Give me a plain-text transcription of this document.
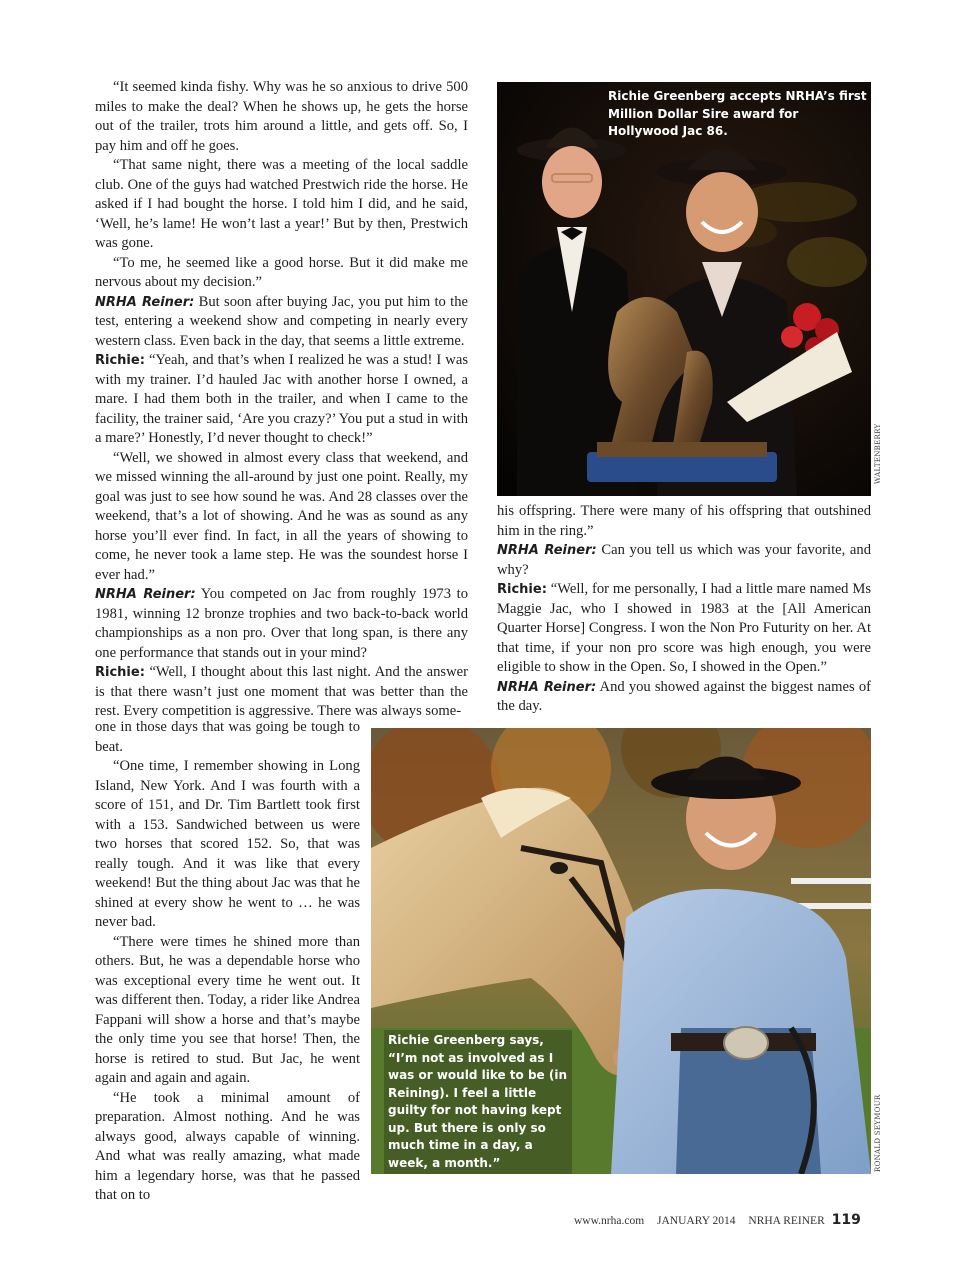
“It seemed kinda fishy. Why was he so anxious to drive 500 miles to make the deal? When he shows up, he gets the horse out of the trailer, trots him around a little, and gets off. So, I pay him and off he goes.

“That same night, there was a meeting of the local saddle club. One of the guys had watched Prestwich ride the horse. He asked if I had bought the horse. I told him I did, and he said, ‘Well, he’s lame! He won’t last a year!’ But by then, Prestwich was gone.

“To me, he seemed like a good horse. But it did make me nervous about my decision.”

NRHA Reiner: But soon after buying Jac, you put him to the test, entering a weekend show and competing in nearly every western class. Even back in the day, that seems a little extreme.

Richie: “Yeah, and that’s when I realized he was a stud! I was with my trainer. I’d hauled Jac with another horse I owned, a mare. I had them both in the trailer, and when I came to the facility, the trainer said, ‘Are you crazy?’ You put a stud in with a mare?’ Honestly, I’d never thought to check!”

“Well, we showed in almost every class that weekend, and we missed winning the all-around by just one point. Really, my goal was just to see how sound he was. And 28 classes over the weekend, that’s a lot of showing. And he was as sound as any horse you’ll ever find. In fact, in all the years of showing to come, he never took a lame step. He was the soundest horse I ever had.”

NRHA Reiner: You competed on Jac from roughly 1973 to 1981, winning 12 bronze trophies and two back-to-back world championships as a non pro. Over that long span, is there any one performance that stands out in your mind?

Richie: “Well, I thought about this last night. And the answer is that there wasn’t just one moment that was better than the rest. Every competition is aggressive. There was always some-

one in those days that was going be tough to beat.

“One time, I remember showing in Long Island, New York. And I was fourth with a score of 151, and Dr. Tim Bartlett took first with a 153. Sandwiched between us were two horses that scored 152. So, that was really tough. And it was like that every weekend! But the thing about Jac was that he shined at every show he went to … he was never bad.

“There were times he shined more than others. But, he was a dependable horse who was exceptional every time he went out. It was different then. Today, a rider like Andrea Fappani will show a horse and that’s maybe the only time you see that horse! Then, the horse is retired to stud. But Jac, he went again and again and again.

“He took a minimal amount of preparation. Almost nothing. And he was always good, always capable of winning. And what was really amazing, what made him a legendary horse, was that he passed that on to

his offspring. There were many of his offspring that outshined him in the ring.”

NRHA Reiner: Can you tell us which was your favorite, and why?

Richie: “Well, for me personally, I had a little mare named Ms Maggie Jac, who I showed in 1983 at the [All American Quarter Horse] Congress. I won the Non Pro Futurity on her. At that time, if your non pro score was high enough, you were eligible to show in the Open. So, I showed in the Open.”

NRHA Reiner: And you showed against the biggest names of the day.

Richie Greenberg accepts NRHA’s first Million Dollar Sire award for Hollywood Jac 86.
WALTENBERRY
Richie Greenberg says, “I’m not as involved as I was or would like to be (in Reining). I feel a little guilty for not having kept up. But there is only so much time in a day, a week, a month.”	RONALD SEYMOUR
www.nrha.com JANUARY 2014 NRHA REINER 119
